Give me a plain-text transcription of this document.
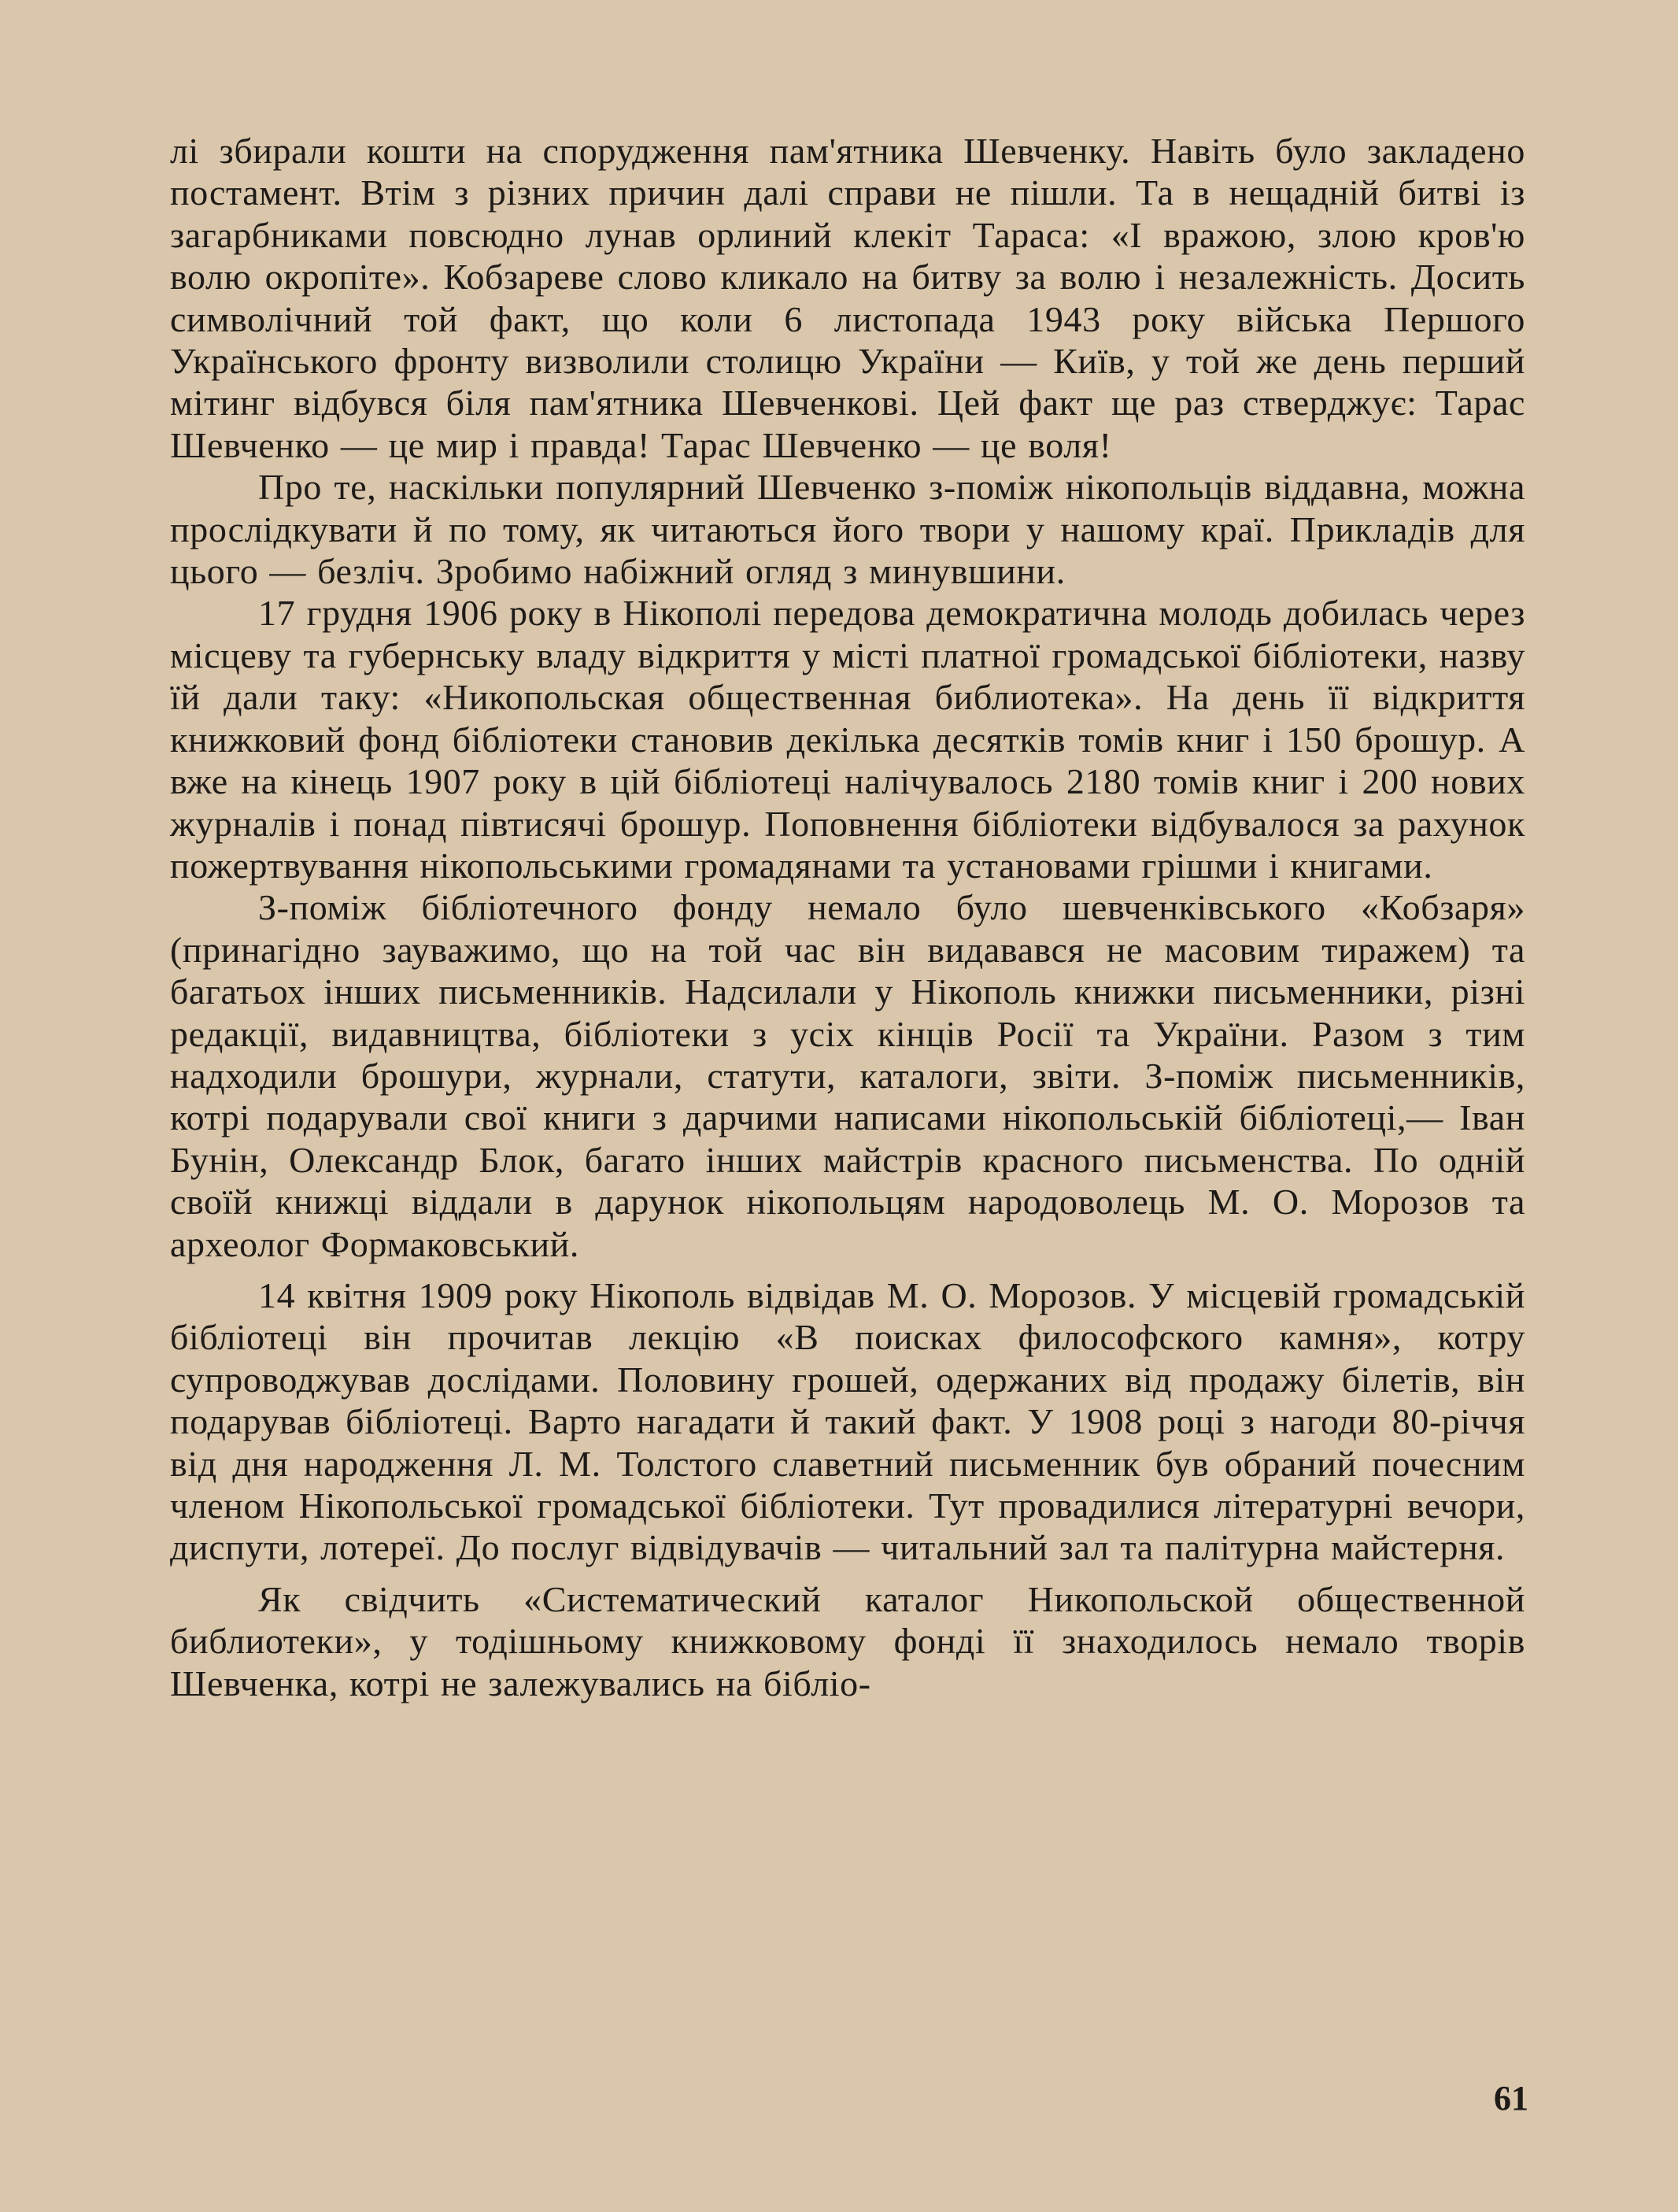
лі збирали кошти на спорудження пам'ятника Шевченку. Навіть було закладено постамент. Втім з різних причин далі справи не пішли. Та в нещадній битві із загарбниками повсюдно лунав орлиний клекіт Тараса: «І вражою, злою кров'ю волю окропіте». Кобзареве слово кликало на битву за волю і незалежність. Досить символічний той факт, що коли 6 листопада 1943 року війська Першого Українського фронту визволили столицю України — Київ, у той же день перший мітинг відбувся біля пам'ятника Шевченкові. Цей факт ще раз стверджує: Тарас Шевченко — це мир і правда! Тарас Шевченко — це воля!

Про те, наскільки популярний Шевченко з-поміж нікопольців віддавна, можна прослідкувати й по тому, як читаються його твори у нашому краї. Прикладів для цього — безліч. Зробимо набіжний огляд з минувшини.

17 грудня 1906 року в Нікополі передова демократична молодь добилась через місцеву та губернську владу відкриття у місті платної громадської бібліотеки, назву їй дали таку: «Никопольская общественная библиотека». На день її відкриття книжковий фонд бібліотеки становив декілька десятків томів книг і 150 брошур. А вже на кінець 1907 року в цій бібліотеці налічувалось 2180 томів книг і 200 нових журналів і понад півтисячі брошур. Поповнення бібліотеки відбувалося за рахунок пожертвування нікопольськими громадянами та установами грішми і книгами.

З-поміж бібліотечного фонду немало було шевченківського «Кобзаря» (принагідно зауважимо, що на той час він видавався не масовим тиражем) та багатьох інших письменників. Надсилали у Нікополь книжки письменники, різні редакції, видавництва, бібліотеки з усіх кінців Росії та України. Разом з тим надходили брошури, журнали, статути, каталоги, звіти. З-поміж письменників, котрі подарували свої книги з дарчими написами нікопольській бібліотеці,— Іван Бунін, Олександр Блок, багато інших майстрів красного письменства. По одній своїй книжці віддали в дарунок нікопольцям народоволець М. О. Морозов та археолог Формаковський.

14 квітня 1909 року Нікополь відвідав М. О. Морозов. У місцевій громадській бібліотеці він прочитав лекцію «В поисках философского камня», котру супроводжував дослідами. Половину грошей, одержаних від продажу білетів, він подарував бібліотеці. Варто нагадати й такий факт. У 1908 році з нагоди 80-річчя від дня народження Л. М. Толстого славетний письменник був обраний почесним членом Нікопольської громадської бібліотеки. Тут провадилися літературні вечори, диспути, лотереї. До послуг відвідувачів — читальний зал та палітурна майстерня.

Як свідчить «Систематический каталог Никопольской общественной библиотеки», у тодішньому книжковому фонді її знаходилось немало творів Шевченка, котрі не залежувались на бібліо-

61
